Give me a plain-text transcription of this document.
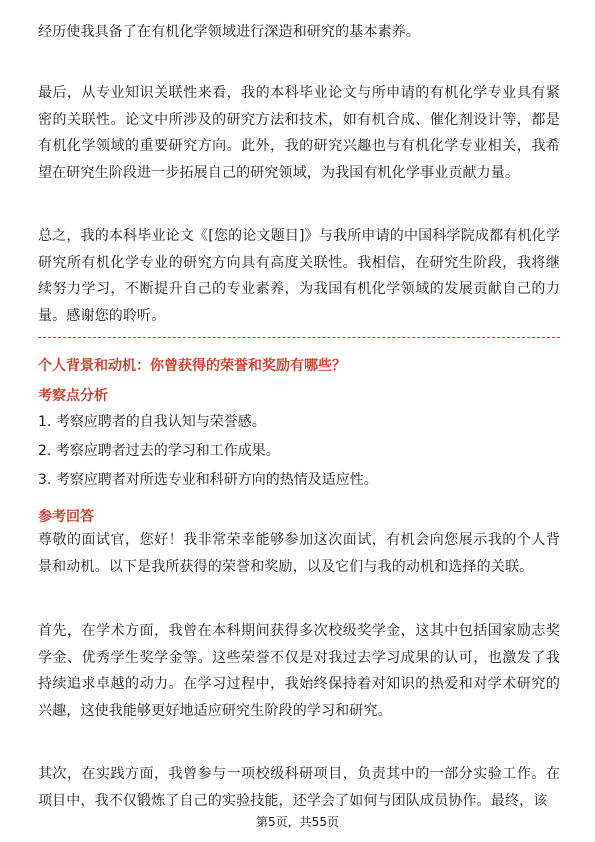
经历使我具备了在有机化学领域进行深造和研究的基本素养。

最后，从专业知识关联性来看，我的本科毕业论文与所申请的有机化学专业具有紧密的关联性。论文中所涉及的研究方法和技术，如有机合成、催化剂设计等，都是有机化学领域的重要研究方向。此外，我的研究兴趣也与有机化学专业相关，我希望在研究生阶段进一步拓展自己的研究领域，为我国有机化学事业贡献力量。

总之，我的本科毕业论文《[您的论文题目]》与我所申请的中国科学院成都有机化学研究所有机化学专业的研究方向具有高度关联性。我相信，在研究生阶段，我将继续努力学习，不断提升自己的专业素养，为我国有机化学领域的发展贡献自己的力量。感谢您的聆听。

个人背景和动机：你曾获得的荣誉和奖励有哪些？
考察点分析
1. 考察应聘者的自我认知与荣誉感。
2. 考察应聘者过去的学习和工作成果。
3. 考察应聘者对所选专业和科研方向的热情及适应性。
参考回答

尊敬的面试官，您好！我非常荣幸能够参加这次面试，有机会向您展示我的个人背景和动机。以下是我所获得的荣誉和奖励，以及它们与我的动机和选择的关联。

首先，在学术方面，我曾在本科期间获得多次校级奖学金，这其中包括国家励志奖学金、优秀学生奖学金等。这些荣誉不仅是对我过去学习成果的认可，也激发了我持续追求卓越的动力。在学习过程中，我始终保持着对知识的热爱和对学术研究的兴趣，这使我能够更好地适应研究生阶段的学习和研究。

其次，在实践方面，我曾参与一项校级科研项目，负责其中的一部分实验工作。在项目中，我不仅锻炼了自己的实验技能，还学会了如何与团队成员协作。最终，该

第5页，共55页
